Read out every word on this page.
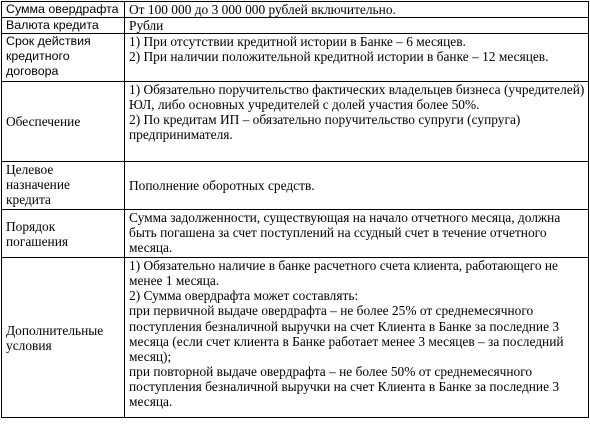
Сумма овердрафта	От 100 000 до 3 000 000 рублей включительно.

Валюта кредита	Рубли

Срок действия
кредитного
договора	1) При отсутствии кредитной истории в Банке – 6 месяцев.
2) При наличии положительной кредитной истории в банке – 12 месяцев.

Обеспечение	1) Обязательно поручительство фактических владельцев бизнеса (учредителей) ЮЛ, либо основных учредителей с долей участия более 50%.
2) По кредитам ИП – обязательно поручительство супруги (супруга) предпринимателя.

Целевое
назначение
кредита	Пополнение оборотных средств.

Порядок
погашения	Сумма задолженности, существующая на начало отчетного месяца, должна быть погашена за счет поступлений на ссудный счет в течение отчетного месяца.

Дополнительные
условия	1) Обязательно наличие в банке расчетного счета клиента, работающего не менее 1 месяца.
2) Сумма овердрафта может составлять:
при первичной выдаче овердрафта – не более 25% от среднемесячного поступления безналичной выручки на счет Клиента в Банке за последние 3 месяца (если счет клиента в Банке работает менее 3 месяцев – за последний месяц);
при повторной выдаче овердрафта – не более 50% от среднемесячного поступления безналичной выручки на счет Клиента в Банке за последние 3 месяца.
